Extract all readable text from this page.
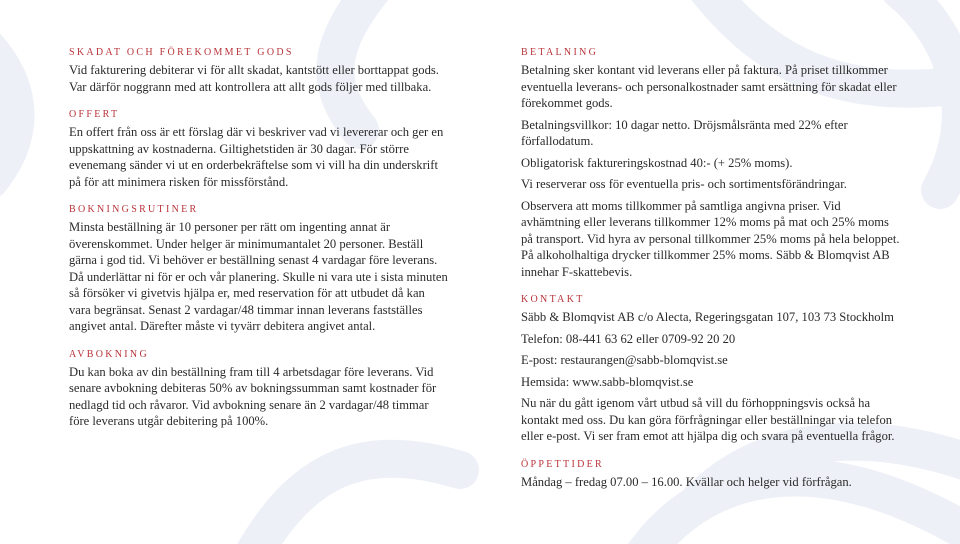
SKADAT OCH FÖREKOMMET GODS

Vid fakturering debiterar vi för allt skadat, kantstött eller borttappat gods. Var därför noggrann med att kontrollera att allt gods följer med tillbaka.

OFFERT

En offert från oss är ett förslag där vi beskriver vad vi levererar och ger en uppskattning av kostnaderna. Giltighetstiden är 30 dagar. För större evenemang sänder vi ut en orderbekräftelse som vi vill ha din underskrift på för att minimera risken för missförstånd.

BOKNINGSRUTINER

Minsta beställning är 10 personer per rätt om ingenting annat är överenskommet. Under helger är minimumantalet 20 personer. Beställ gärna i god tid. Vi behöver er beställning senast 4 vardagar före leverans. Då underlättar ni för er och vår planering. Skulle ni vara ute i sista minuten så försöker vi givetvis hjälpa er, med reservation för att utbudet då kan vara begränsat. Senast 2 vardagar/48 timmar innan leverans fastställes angivet antal. Därefter måste vi tyvärr debitera angivet antal.

AVBOKNING

Du kan boka av din beställning fram till 4 arbetsdagar före leverans. Vid senare avbokning debiteras 50% av bokningssumman samt kostnader för nedlagd tid och råvaror. Vid avbokning senare än 2 vardagar/48 timmar före leverans utgår debitering på 100%.

BETALNING

Betalning sker kontant vid leverans eller på faktura. På priset tillkommer eventuella leverans- och personalkostnader samt ersättning för skadat eller förekommet gods.

Betalningsvillkor: 10 dagar netto. Dröjsmålsränta med 22% efter förfallodatum.

Obligatorisk faktureringskostnad 40:- (+ 25% moms).

Vi reserverar oss för eventuella pris- och sortimentsförändringar.

Observera att moms tillkommer på samtliga angivna priser. Vid avhämtning eller leverans tillkommer 12% moms på mat och 25% moms på transport. Vid hyra av personal tillkommer 25% moms på hela beloppet. På alkoholhaltiga drycker tillkommer 25% moms. Säbb & Blomqvist AB innehar F-skattebevis.

KONTAKT

Säbb & Blomqvist AB c/o Alecta, Regeringsgatan 107, 103 73 Stockholm

Telefon: 08-441 63 62 eller 0709-92 20 20

E-post: restaurangen@sabb-blomqvist.se

Hemsida: www.sabb-blomqvist.se

Nu när du gått igenom vårt utbud så vill du förhoppningsvis också ha kontakt med oss. Du kan göra förfrågningar eller beställningar via telefon eller e-post. Vi ser fram emot att hjälpa dig och svara på eventuella frågor.

ÖPPETTIDER

Måndag – fredag 07.00 – 16.00. Kvällar och helger vid förfrågan.
